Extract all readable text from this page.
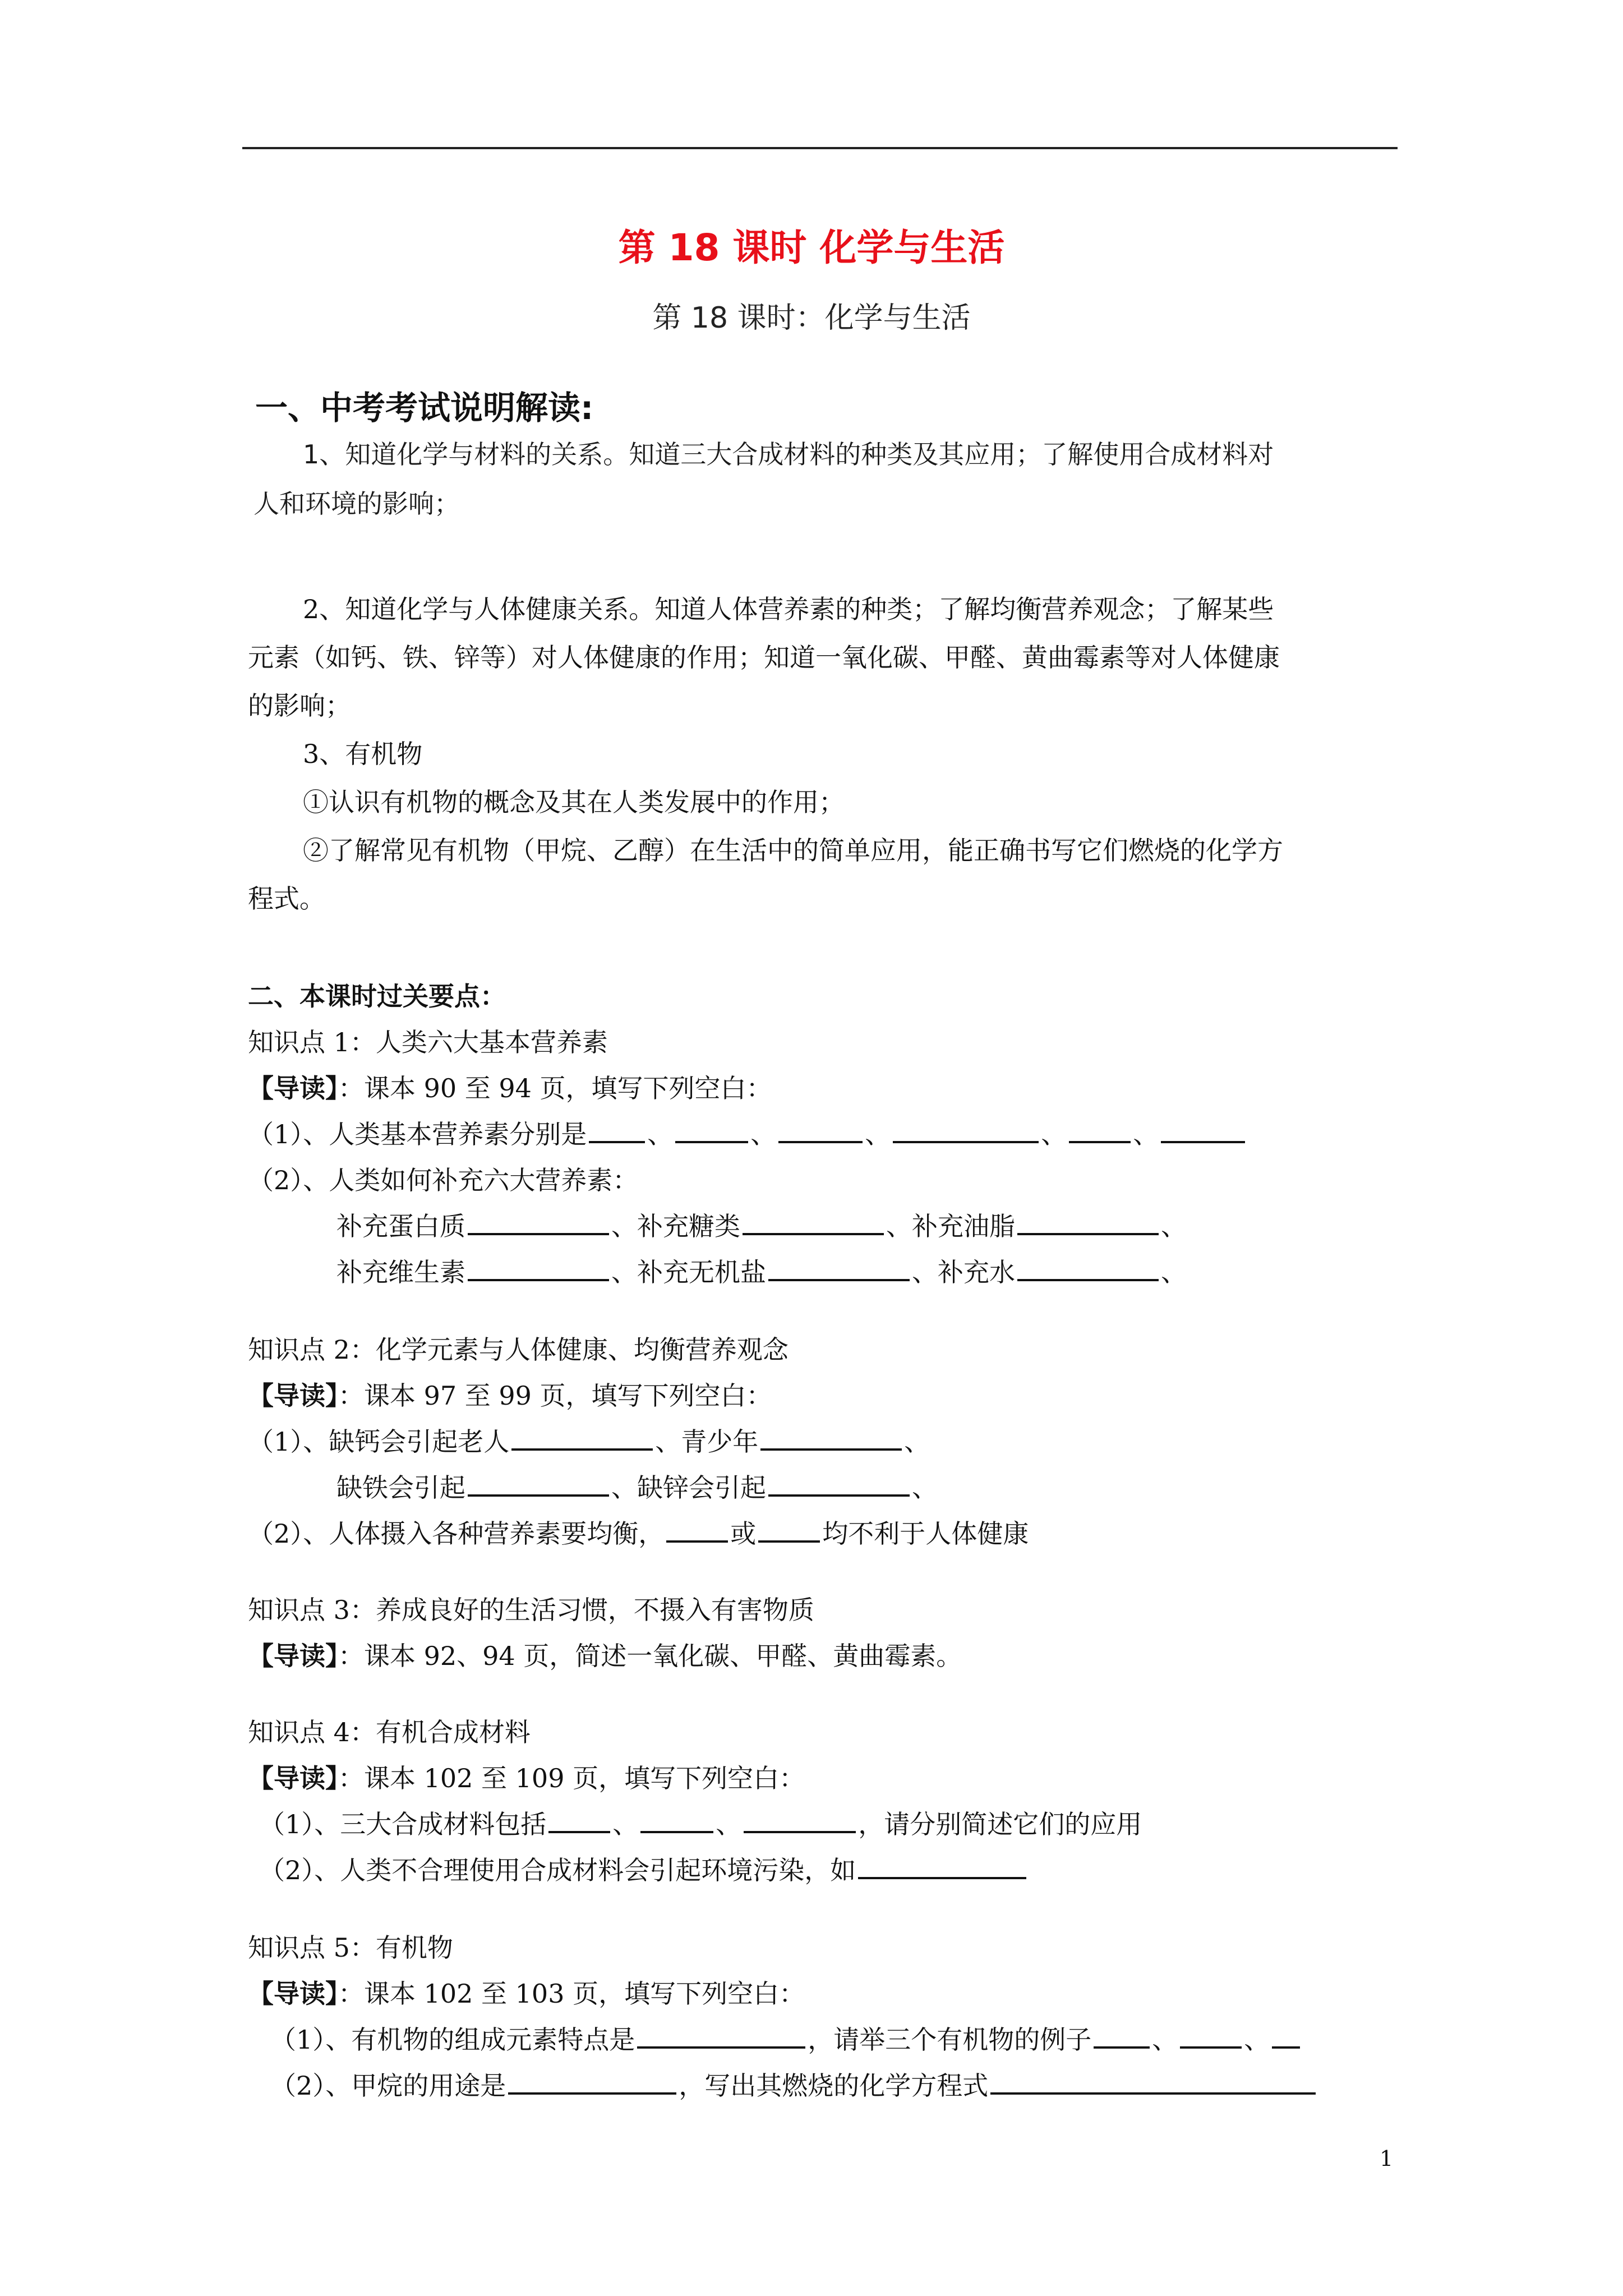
第 18 课时 化学与生活
第 18 课时：化学与生活
一、中考考试说明解读:
1、知道化学与材料的关系。知道三大合成材料的种类及其应用；了解使用合成材料对
人和环境的影响；
2、知道化学与人体健康关系。知道人体营养素的种类；了解均衡营养观念；了解某些
元素（如钙、铁、锌等）对人体健康的作用；知道一氧化碳、甲醛、黄曲霉素等对人体健康
的影响；
3、有机物
①认识有机物的概念及其在人类发展中的作用；
②了解常见有机物（甲烷、乙醇）在生活中的简单应用，能正确书写它们燃烧的化学方
程式。
二、本课时过关要点：
知识点 1：人类六大基本营养素
【导读】：课本 90 至 94 页，填写下列空白：
（1）、人类基本营养素分别是 、	、	、	、	、
（2）、人类如何补充六大营养素：
补充蛋白质	、补充糖类	、补充油脂	、
补充维生素	、补充无机盐	、补充水	、
知识点 2：化学元素与人体健康、均衡营养观念
【导读】：课本 97 至 99 页，填写下列空白：
（1）、缺钙会引起老人	、青少年	、
缺铁会引起	、缺锌会引起	、
（2）、人体摄入各种营养素要均衡，	或	均不利于人体健康
知识点 3：养成良好的生活习惯，不摄入有害物质
【导读】：课本 92、94 页，简述一氧化碳、甲醛、黄曲霉素。
知识点 4：有机合成材料
【导读】：课本 102 至 109 页，填写下列空白：
（1）、三大合成材料包括	、	、	，请分别简述它们的应用
（2）、人类不合理使用合成材料会引起环境污染，如
知识点 5：有机物
【导读】：课本 102 至 103 页，填写下列空白：
（1）、有机物的组成元素特点是	，请举三个有机物的例子 、	、
（2）、甲烷的用途是	，写出其燃烧的化学方程式
1
